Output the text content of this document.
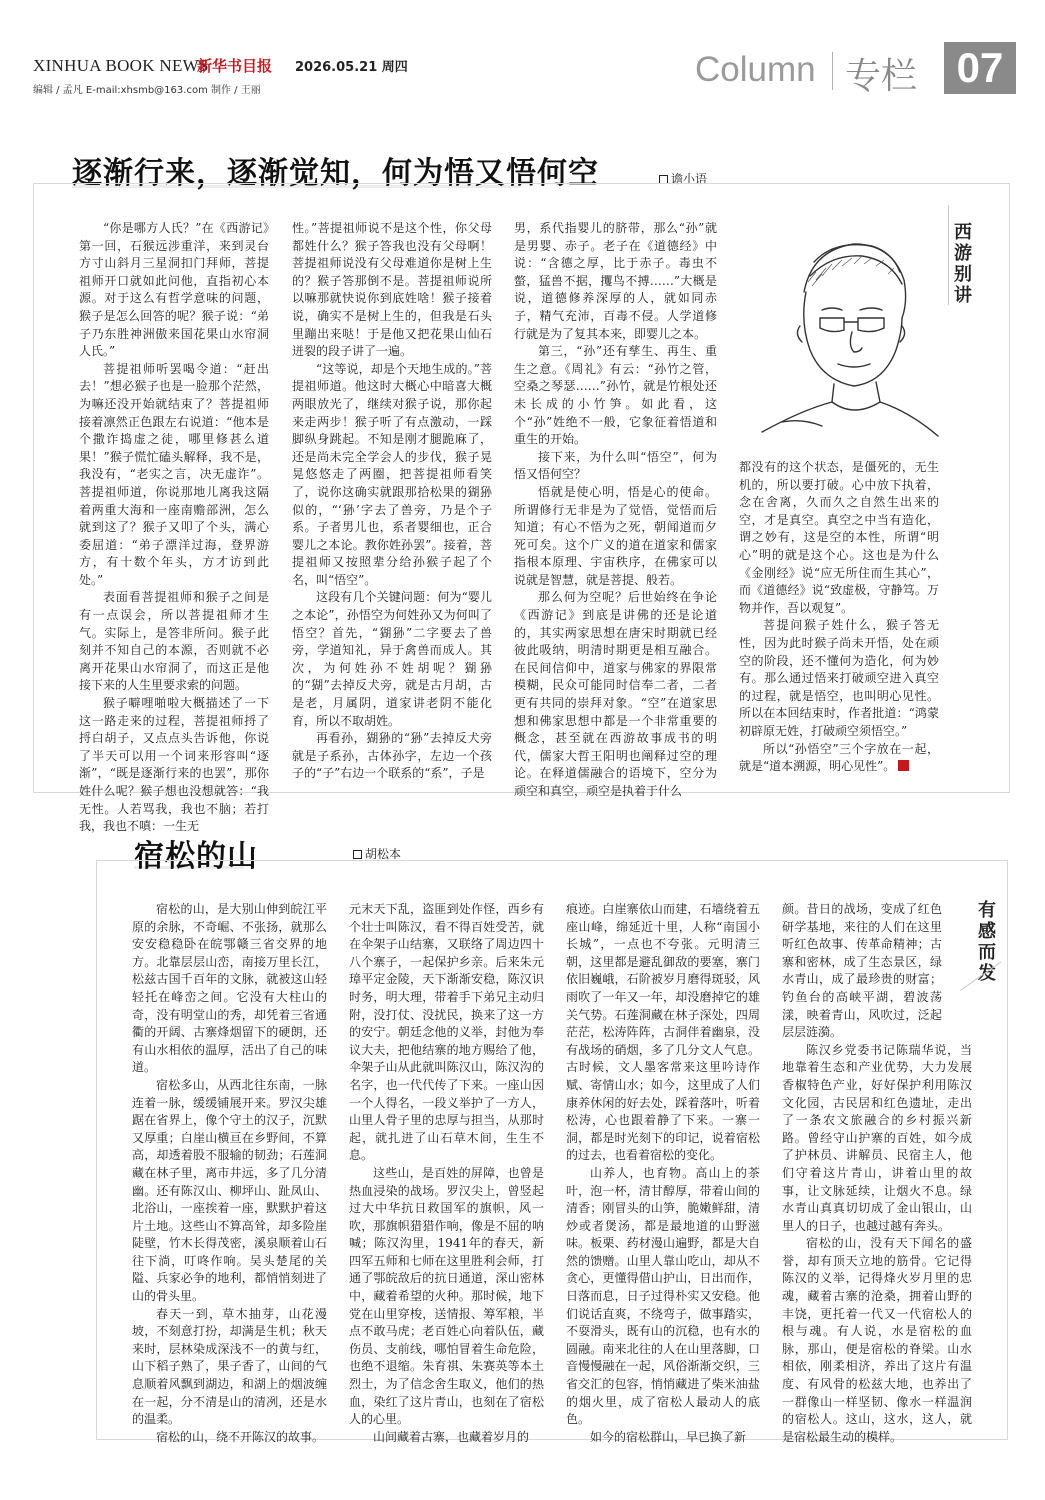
XINHUA BOOK NEWS
新华书目报 2026.05.21 周四
编辑 / 孟凡 E-mail:xhsmb@163.com 制作 / 王丽
Column 专栏 07
逐渐行来，逐渐觉知，何为悟又悟何空	谵小语

“你是哪方人氏？”在《西游记》第一回，石猴远涉重洋，来到灵台方寸山斜月三星洞扣门拜师，菩提祖师开口就如此问他，直指初心本源。对于这么有哲学意味的问题，猴子是怎么回答的呢？猴子说：“弟子乃东胜神洲傲来国花果山水帘洞人氏。”

菩提祖师听罢喝令道：“赶出去！”想必猴子也是一脸那个茫然，为嘛还没开始就结束了？菩提祖师接着凛然正色跟左右说道：“他本是个撒诈捣虚之徒，哪里修甚么道果！”猴子慌忙磕头解释，我不是，我没有，“老实之言，决无虚诈”。菩提祖师道，你说那地儿离我这隔着两重大海和一座南赡部洲，怎么就到这了？猴子又叩了个头，满心委屈道：“弟子漂洋过海，登界游方，有十数个年头，方才访到此处。”

表面看菩提祖师和猴子之间是有一点误会，所以菩提祖师才生气。实际上，是答非所问。猴子此刻并不知自己的本源，否则就不必离开花果山水帘洞了，而这正是他接下来的人生里要求索的问题。

猴子噼哩啪啦大概描述了一下这一路走来的过程，菩提祖师捋了捋白胡子，又点点头告诉他，你说了半天可以用一个词来形容叫“逐渐”，“既是逐渐行来的也罢”，那你姓什么呢？猴子想也没想就答：“我无性。人若骂我，我也不脑；若打我，我也不嗔：一生无

性。”菩提祖师说不是这个性，你父母都姓什么？猴子答我也没有父母啊！菩提祖师说没有父母难道你是树上生的？猴子答那倒不是。菩提祖师说所以嘛那就快说你到底姓啥！猴子接着说，确实不是树上生的，但我是石头里蹦出来哒！于是他又把花果山仙石迸裂的段子讲了一遍。

“这等说，却是个天地生成的。”菩提祖师道。他这时大概心中暗喜大概两眼放光了，继续对猴子说，那你起来走两步！猴子听了有点激动，一踩脚纵身跳起。不知是刚才腿跪麻了，还是尚未完全学会人的步伐，猴子晃晃悠悠走了两圈，把菩提祖师看笑了，说你这确实就跟那拾松果的猢狲似的，“‘狲’字去了兽旁，乃是个子系。子者男儿也，系者婴细也，正合婴儿之本论。教你姓孙罢”。接着，菩提祖师又按照辈分给孙猴子起了个名，叫“悟空”。

这段有几个关键问题：何为“婴儿之本论”，孙悟空为何姓孙又为何叫了悟空？首先，“猢狲”二字要去了兽旁，学道知礼，异于禽兽而成人。其次，为何姓孙不姓胡呢？猢狲的“猢”去掉反犬旁，就是古月胡，古是老，月属阴，道家讲老阴不能化育，所以不取胡姓。

再看孙，猢狲的“狲”去掉反犬旁就是子系孙，古体孙字，左边一个孩子的“子”右边一个联系的“系”，子是

男，系代指婴儿的脐带，那么“孙”就是男婴、赤子。老子在《道德经》中说：“含德之厚，比于赤子。毒虫不螫，猛兽不据，攫鸟不搏……”大概是说，道德修养深厚的人，就如同赤子，精气充沛，百毒不侵。人学道修行就是为了复其本来，即婴儿之本。

第三，“孙”还有孳生、再生、重生之意。《周礼》有云：“孙竹之管，空桑之琴瑟……”孙竹，就是竹根处还未长成的小竹笋。如此看，这个“孙”姓绝不一般，它象征着悟道和重生的开始。

接下来，为什么叫“悟空”，何为悟又悟何空？

悟就是使心明，悟是心的使命。所谓修行无非是为了觉悟，觉悟而后知道；有心不悟为之死，朝闻道而夕死可矣。这个广义的道在道家和儒家指根本原理、宇宙秩序，在佛家可以说就是智慧，就是菩提、般若。

那么何为空呢？后世始终在争论《西游记》到底是讲佛的还是论道的，其实两家思想在唐宋时期就已经彼此吸纳，明清时期更是相互融合。在民间信仰中，道家与佛家的界限常模糊，民众可能同时信奉二者，二者更有共同的崇拜对象。“空”在道家思想和佛家思想中都是一个非常重要的概念，甚至就在西游故事成书的明代，儒家大哲王阳明也阐释过空的理论。在释道儒融合的语境下，空分为顽空和真空，顽空是执着于什么

都没有的这个状态，是僵死的，无生机的，所以要打破。心中放下执着，念在舍离，久而久之自然生出来的空，才是真空。真空之中当有造化，谓之妙有，这是空的本性，所谓“明心”明的就是这个心。这也是为什么《金刚经》说“应无所住而生其心”，而《道德经》说“致虚极，守静笃。万物并作，吾以观复”。

菩提问猴子姓什么，猴子答无性，因为此时猴子尚未开悟，处在顽空的阶段，还不懂何为造化，何为妙有。那么通过悟来打破顽空进入真空的过程，就是悟空，也叫明心见性。所以在本回结束时，作者批道：“鸿蒙初辟原无姓，打破顽空须悟空。”

所以“孙悟空”三个字放在一起，就是“道本溯源，明心见性”。

西游别讲
宿松的山	胡松本

宿松的山，是大别山伸到皖江平原的余脉，不奇崛、不张扬，就那么安安稳稳卧在皖鄂赣三省交界的地方。北靠层层山峦，南接万里长江，松兹古国千百年的文脉，就被这山轻轻托在峰峦之间。它没有大柱山的奇，没有明堂山的秀，却凭着三省通衢的开阔、古寨烽烟留下的硬朗，还有山水相依的温厚，活出了自己的味道。

宿松多山，从西北往东南，一脉连着一脉，缓缓铺展开来。罗汉尖雄踞在省界上，像个守土的汉子，沉默又厚重；白崖山横亘在乡野间，不算高，却透着股不服输的韧劲；石莲洞藏在林子里，离市井远，多了几分清幽。还有陈汉山、柳坪山、趾凤山、北浴山，一座挨着一座，默默护着这片土地。这些山不算高耸，却多险崖陡壁，竹木长得茂密，溪泉顺着山石往下淌，叮咚作响。吴头楚尾的关隘、兵家必争的地利，都悄悄刻进了山的骨头里。

春天一到，草木抽芽，山花漫坡，不刻意打扮，却满是生机；秋天来时，层林染成深浅不一的黄与红，山下稻子熟了，果子香了，山间的气息顺着风飘到湖边，和湖上的烟波缠在一起，分不清是山的清冽，还是水的温柔。

宿松的山，绕不开陈汉的故事。

元末天下乱，盗匪到处作怪，西乡有个壮士叫陈汉，看不得百姓受苦，就在伞架子山结寨，又联络了周边四十八个寨子，一起保护乡亲。后来朱元璋平定金陵，天下渐渐安稳，陈汉识时务，明大理，带着手下弟兄主动归附，没打仗、没扰民，换来了这一方的安宁。朝廷念他的义举，封他为奉议大夫，把他结寨的地方赐给了他，伞架子山从此就叫陈汉山，陈汉沟的名字，也一代代传了下来。一座山因一个人得名，一段义举护了一方人，山里人骨子里的忠厚与担当，从那时起，就扎进了山石草木间，生生不息。

这些山，是百姓的屏障，也曾是热血浸染的战场。罗汉尖上，曾竖起过大中华抗日救国军的旗帜，风一吹，那旗帜猎猎作响，像是不屈的呐喊；陈汉沟里，1941年的春天，新四军五师和七师在这里胜利会师，打通了鄂皖敌后的抗日通道，深山密林中，藏着希望的火种。那时候，地下党在山里穿梭，送情报、筹军粮，半点不敢马虎；老百姓心向着队伍，藏伤员、支前线，哪怕冒着生命危险，也绝不退缩。朱育祺、朱赛英等本土烈士，为了信念舍生取义，他们的热血，染红了这片青山，也刻在了宿松人的心里。

山间藏着古寨，也藏着岁月的

痕迹。白崖寨依山而建，石墙绕着五座山峰，绵延近十里，人称“南国小长城”，一点也不夸张。元明清三朝，这里都是避乱御敌的要塞，寨门依旧巍峨，石阶被岁月磨得斑驳，风雨吹了一年又一年，却没磨掉它的雄关气势。石莲洞藏在林子深处，四周茫茫，松涛阵阵，古洞伴着幽泉，没有战场的硝烟，多了几分文人气息。古时候，文人墨客常来这里吟诗作赋、寄情山水；如今，这里成了人们康养休闲的好去处，踩着落叶，听着松涛，心也跟着静了下来。一寨一洞，都是时光刻下的印记，说着宿松的过去，也看着宿松的变化。

山养人，也育物。高山上的茶叶，泡一杯，清甘醇厚，带着山间的清香；刚冒头的山笋，脆嫩鲜甜，清炒或者煲汤，都是最地道的山野滋味。板栗、药材漫山遍野，都是大自然的馈赠。山里人靠山吃山，却从不贪心，更懂得借山护山，日出而作，日落而息，日子过得朴实又安稳。他们说话直爽，不绕弯子，做事踏实，不耍滑头，既有山的沉稳，也有水的圆融。南来北往的人在山里落脚，口音慢慢融在一起，风俗渐渐交织，三省交汇的包容，悄悄藏进了柴米油盐的烟火里，成了宿松人最动人的底色。

如今的宿松群山，早已换了新

颜。昔日的战场，变成了红色研学基地，来往的人们在这里听红色故事、传革命精神；古寨和密林，成了生态景区，绿水青山，成了最珍贵的财富；钓鱼台的高峡平湖，碧波荡漾，映着青山，风吹过，泛起层层涟漪。

陈汉乡党委书记陈瑞华说，当地靠着生态和产业优势，大力发展香椒特色产业，好好保护利用陈汉文化园，古民居和红色遗址，走出了一条农文旅融合的乡村振兴新路。曾经守山护寨的百姓，如今成了护林员、讲解员、民宿主人，他们守着这片青山，讲着山里的故事，让文脉延续，让烟火不息。绿水青山真真切切成了金山银山，山里人的日子，也越过越有奔头。

宿松的山，没有天下闻名的盛誉，却有顶天立地的筋骨。它记得陈汉的义举，记得烽火岁月里的忠魂，藏着古寨的沧桑，拥着山野的丰饶，更托着一代又一代宿松人的根与魂。有人说，水是宿松的血脉，那山，便是宿松的脊梁。山水相依，刚柔相济，养出了这片有温度、有风骨的松兹大地，也养出了一群像山一样坚韧、像水一样温润的宿松人。这山，这水，这人，就是宿松最生动的模样。

有感而发
